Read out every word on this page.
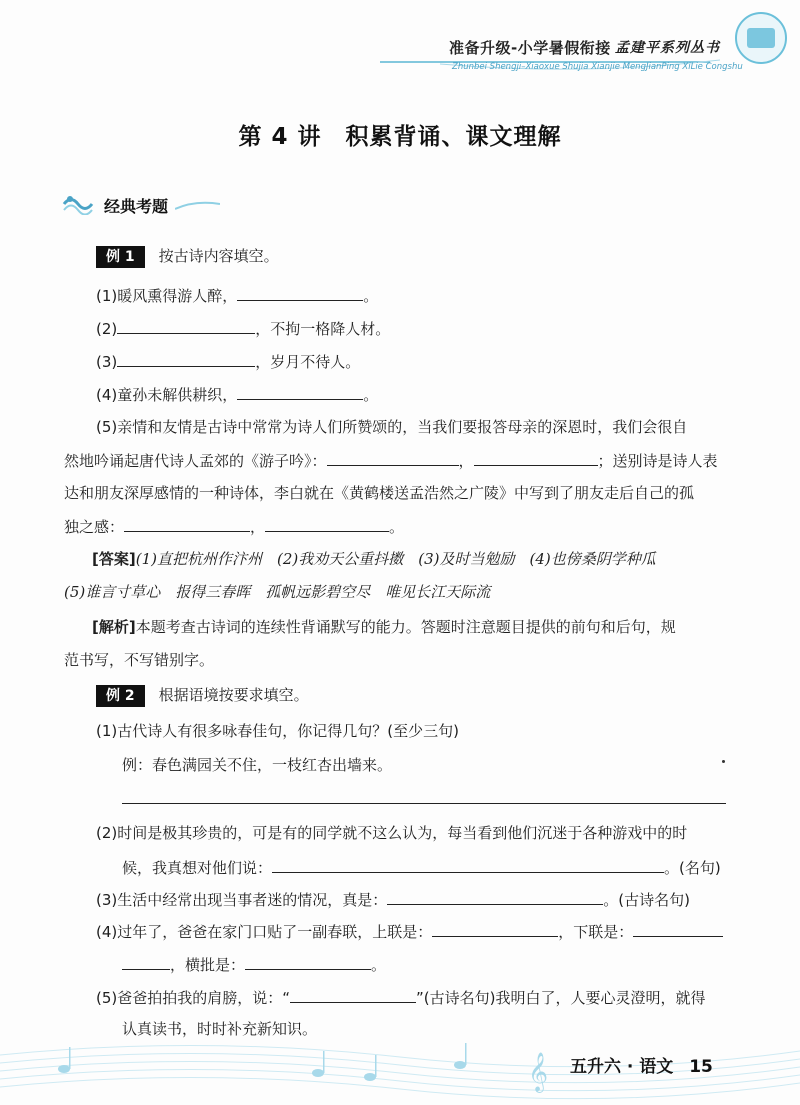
准备升级-小学暑假衔接 孟建平系列丛书
Zhunbei Shengji–Xiaoxue Shujia Xianjie MengJianPing XiLie Congshu
第 4 讲　积累背诵、课文理解
经典考题
例 1 按古诗内容填空。
(1)暖风熏得游人醉，	。
(2)	，不拘一格降人材。
(3)	，岁月不待人。
(4)童孙未解供耕织，	。
(5)亲情和友情是古诗中常常为诗人们所赞颂的，当我们要报答母亲的深恩时，我们会很自
然地吟诵起唐代诗人孟郊的《游子吟》：	，	；送别诗是诗人表
达和朋友深厚感情的一种诗体，李白就在《黄鹤楼送孟浩然之广陵》中写到了朋友走后自己的孤
独之感：	，	。
[答案](1)直把杭州作汴州　(2)我劝天公重抖擞　(3)及时当勉励　(4)也傍桑阴学种瓜
(5)谁言寸草心　报得三春晖　孤帆远影碧空尽　唯见长江天际流
[解析]本题考查古诗词的连续性背诵默写的能力。答题时注意题目提供的前句和后句，规
范书写，不写错别字。
例 2 根据语境按要求填空。
(1)古代诗人有很多咏春佳句，你记得几句？(至少三句)
例：春色满园关不住，一枝红杏出墙来。
(2)时间是极其珍贵的，可是有的同学就不这么认为，每当看到他们沉迷于各种游戏中的时
候，我真想对他们说：	。(名句)
(3)生活中经常出现当事者迷的情况，真是：	。(古诗名句)
(4)过年了，爸爸在家门口贴了一副春联，上联是：	，下联是：
，横批是：	。
(5)爸爸拍拍我的肩膀，说：“	”(古诗名句)我明白了，人要心灵澄明，就得
认真读书，时时补充新知识。
𝄞 五升六 · 语文 15
